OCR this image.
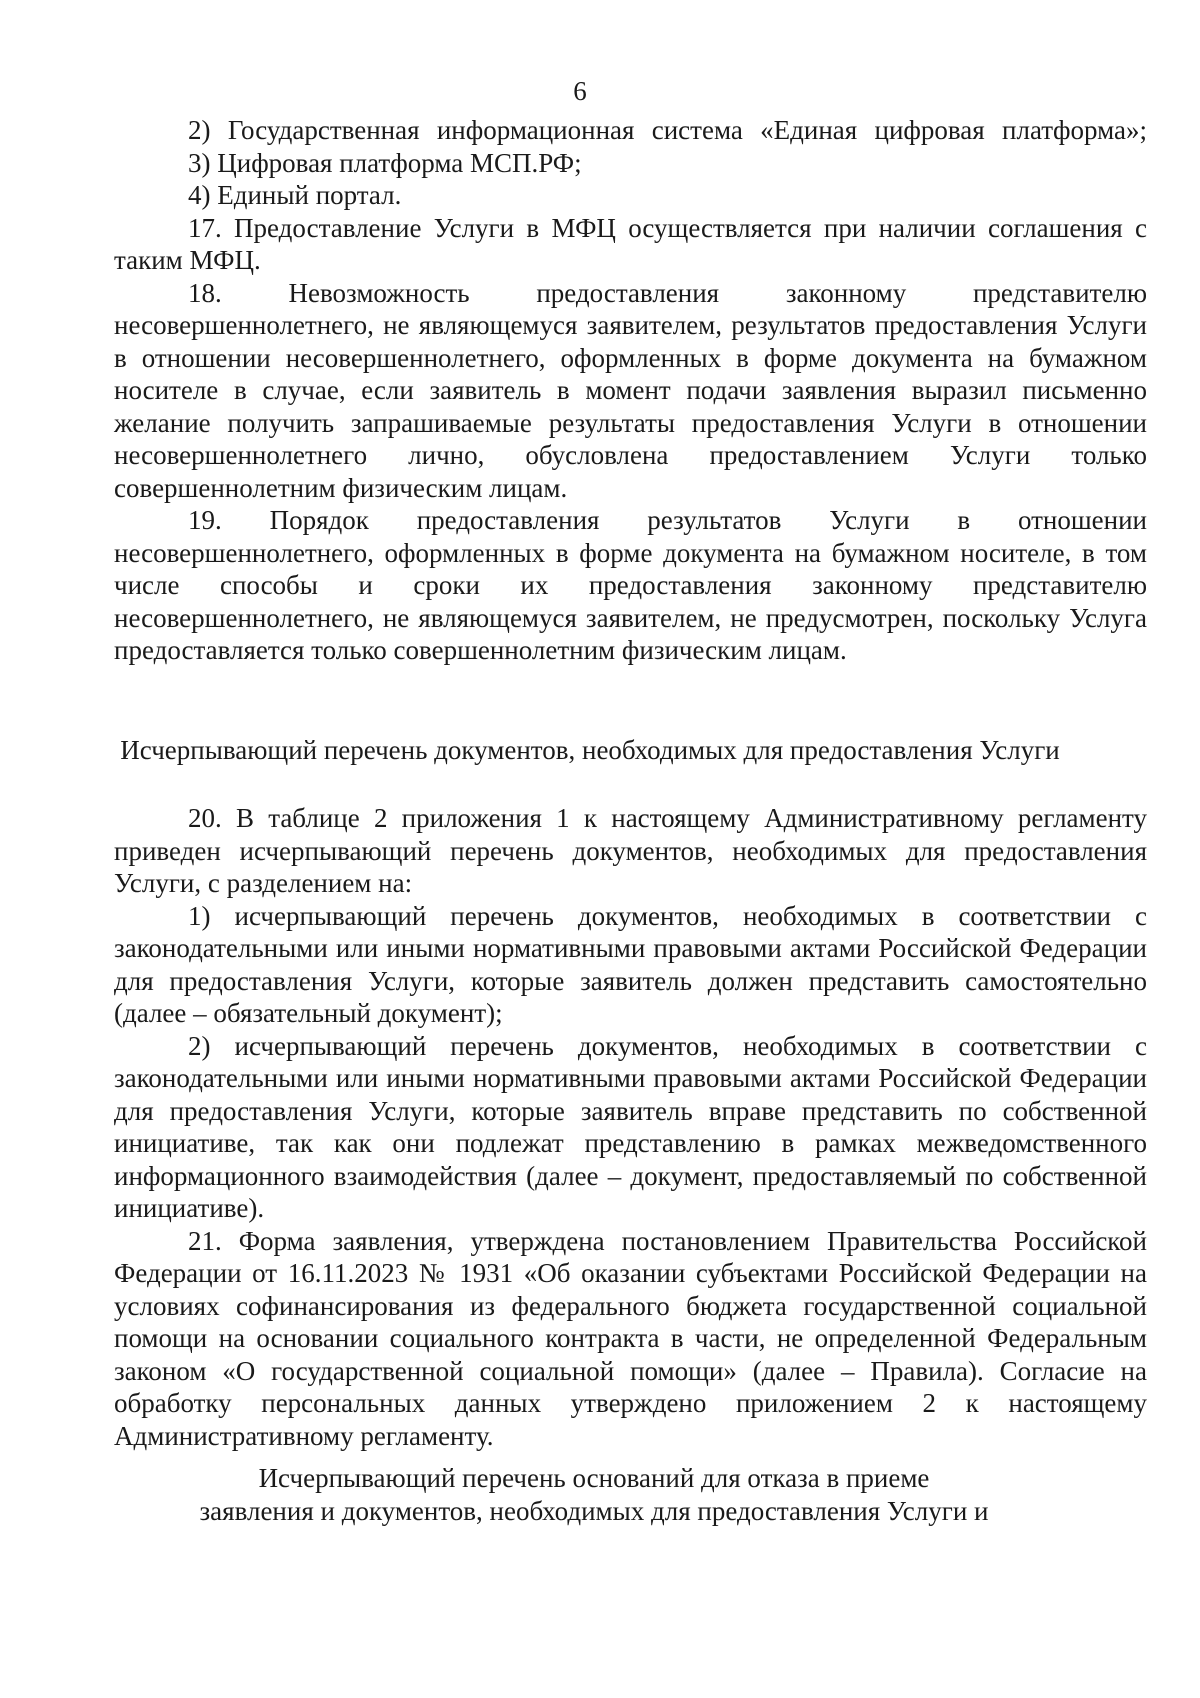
6

2) Государственная информационная система «Единая цифровая платформа»;

3) Цифровая платформа МСП.РФ;

4) Единый портал.

17. Предоставление Услуги в МФЦ осуществляется при наличии соглашения с таким МФЦ.

18. Невозможность предоставления законному представителю несовершеннолетнего, не являющемуся заявителем, результатов предоставления Услуги в отношении несовершеннолетнего, оформленных в форме документа на бумажном носителе в случае, если заявитель в момент подачи заявления выразил письменно желание получить запрашиваемые результаты предоставления Услуги в отношении несовершеннолетнего лично, обусловлена предоставлением Услуги только совершеннолетним физическим лицам.

19. Порядок предоставления результатов Услуги в отношении несовершеннолетнего, оформленных в форме документа на бумажном носителе, в том числе способы и сроки их предоставления законному представителю несовершеннолетнего, не являющемуся заявителем, не предусмотрен, поскольку Услуга предоставляется только совершеннолетним физическим лицам.

Исчерпывающий перечень документов, необходимых для предоставления Услуги

20. В таблице 2 приложения 1 к настоящему Административному регламенту приведен исчерпывающий перечень документов, необходимых для предоставления Услуги, с разделением на:

1) исчерпывающий перечень документов, необходимых в соответствии с законодательными или иными нормативными правовыми актами Российской Федерации для предоставления Услуги, которые заявитель должен представить самостоятельно (далее – обязательный документ);

2) исчерпывающий перечень документов, необходимых в соответствии с законодательными или иными нормативными правовыми актами Российской Федерации для предоставления Услуги, которые заявитель вправе представить по собственной инициативе, так как они подлежат представлению в рамках межведомственного информационного взаимодействия (далее – документ, предоставляемый по собственной инициативе).

21. Форма заявления, утверждена постановлением Правительства Российской Федерации от 16.11.2023 № 1931 «Об оказании субъектами Российской Федерации на условиях софинансирования из федерального бюджета государственной социальной помощи на основании социального контракта в части, не определенной Федеральным законом «О государственной социальной помощи» (далее – Правила). Согласие на обработку персональных данных утверждено приложением 2 к настоящему Административному регламенту.

Исчерпывающий перечень оснований для отказа в приеме
заявления и документов, необходимых для предоставления Услуги и
